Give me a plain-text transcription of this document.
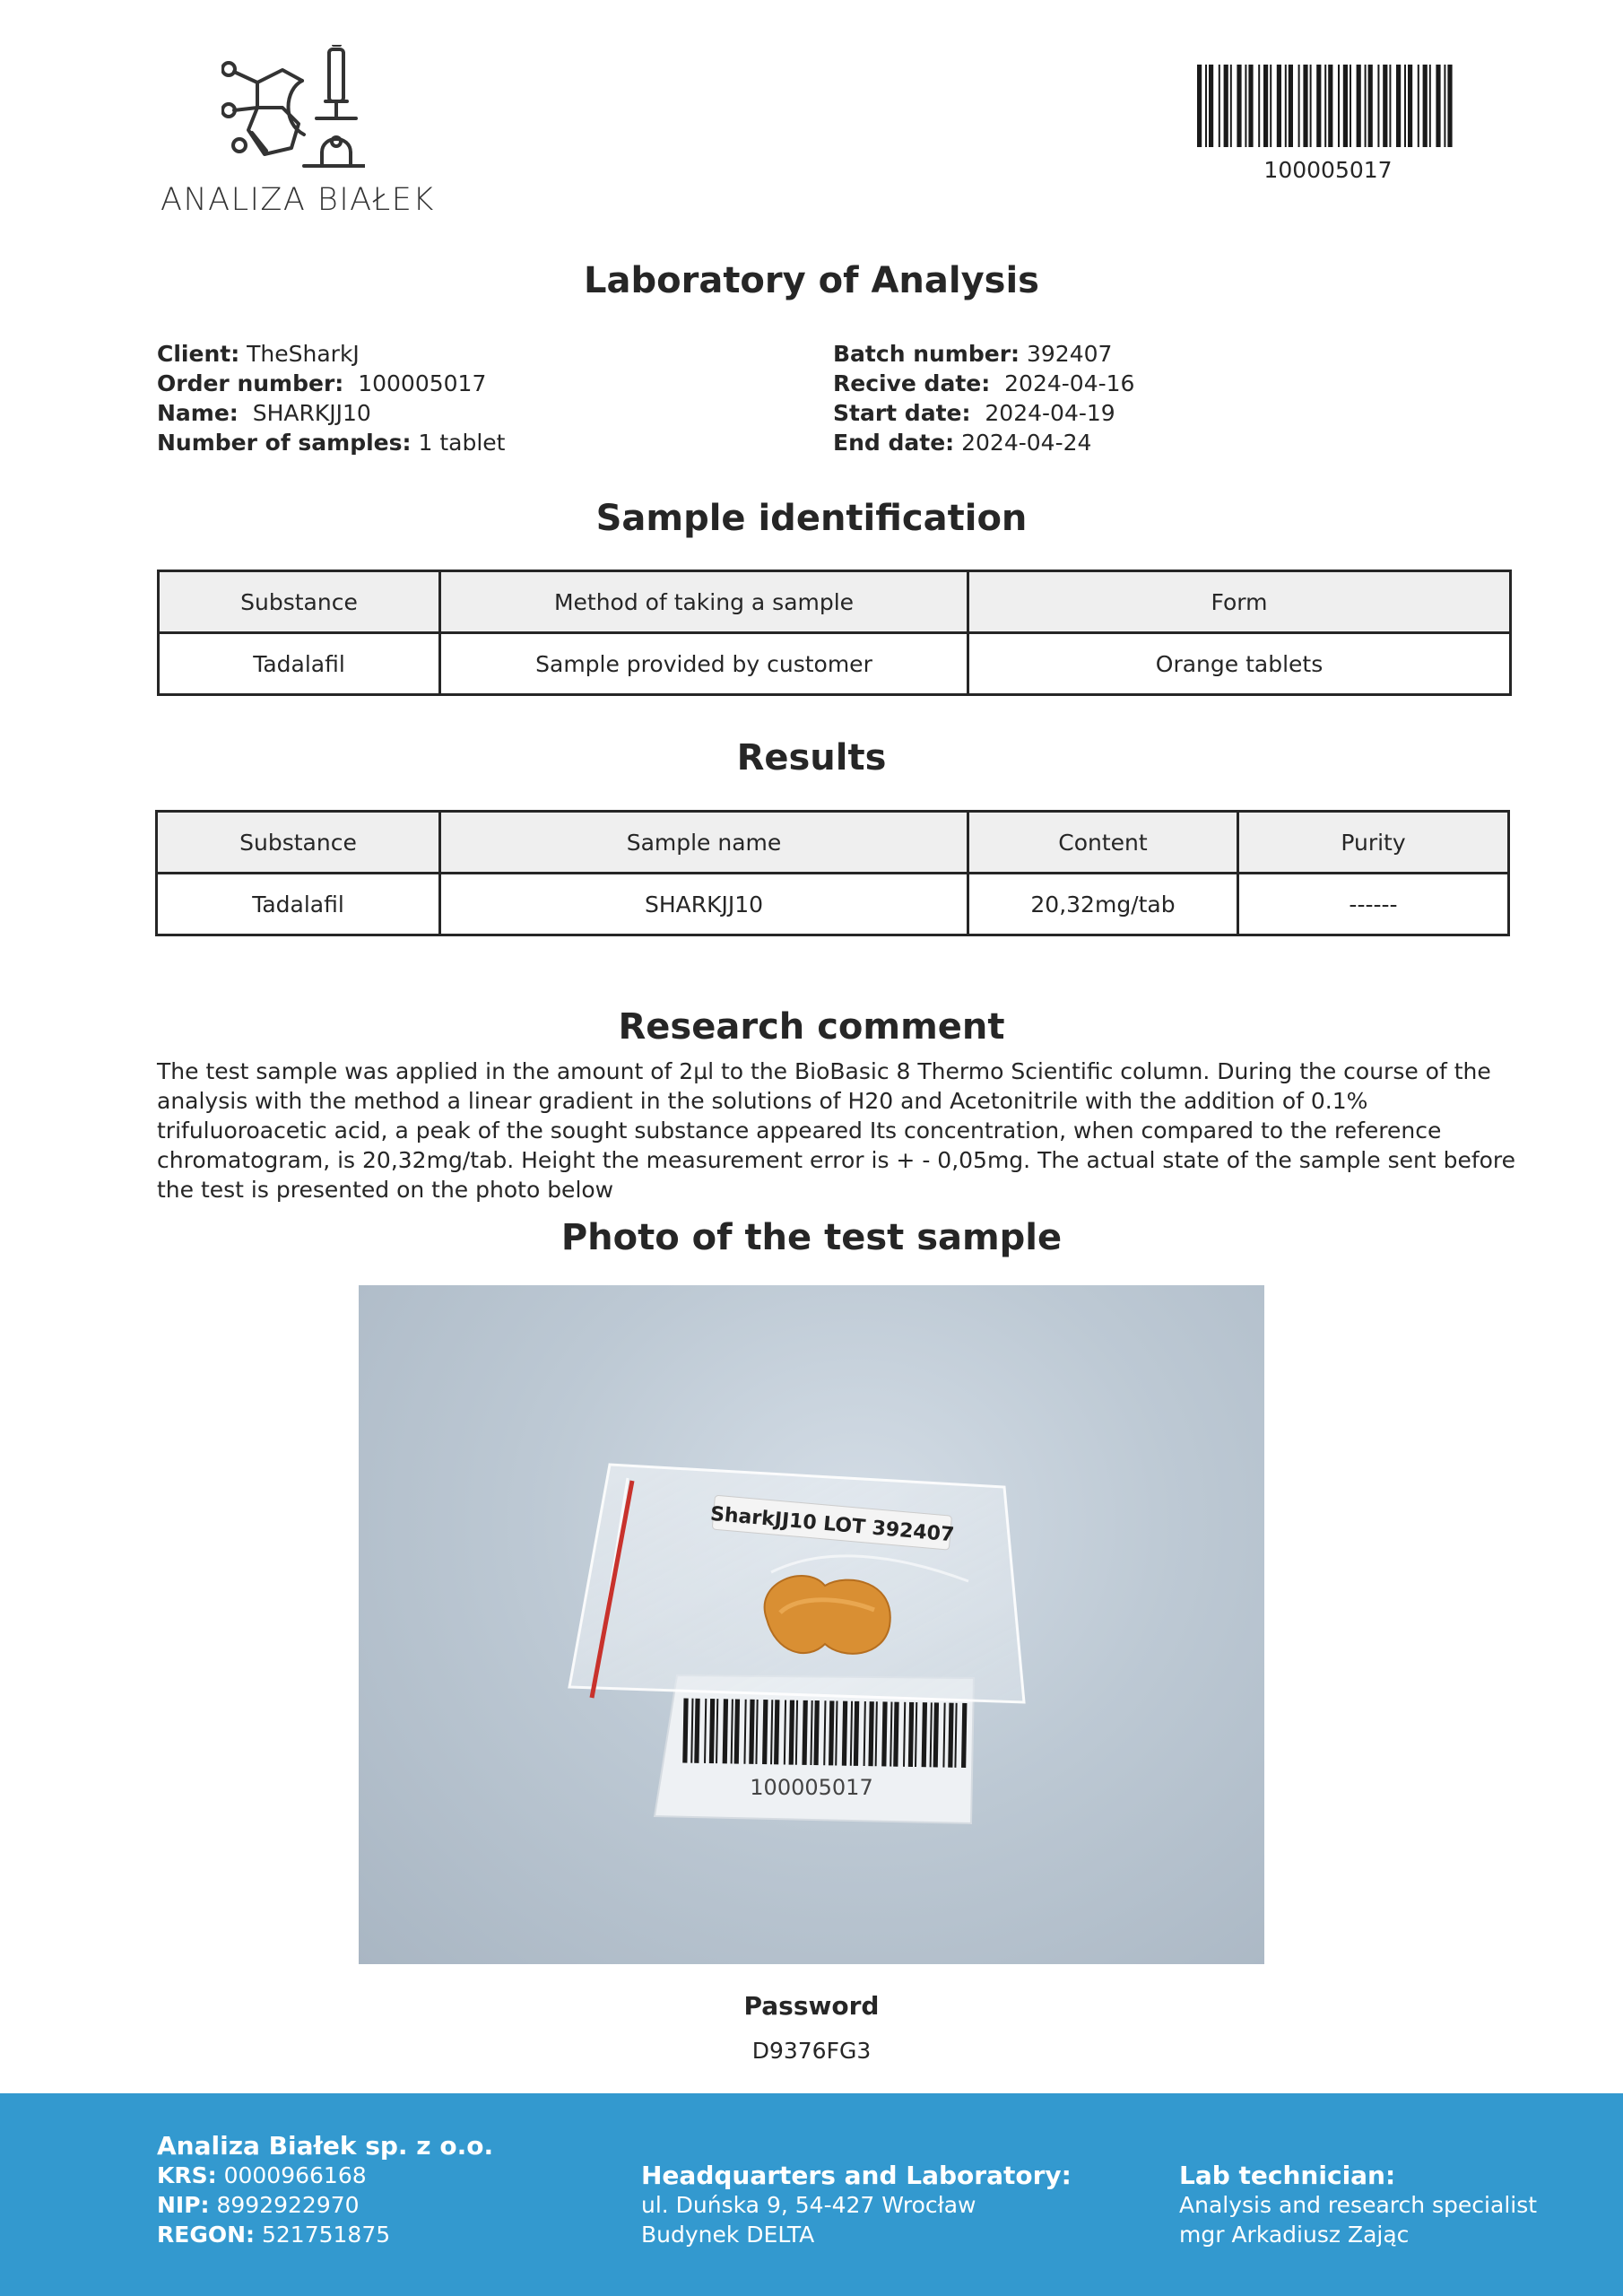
ANALIZA BIAŁEK
100005017
Laboratory of Analysis
Client: TheSharkJ
Order number: 100005017
Name: SHARKJJ10
Number of samples: 1 tablet
Batch number: 392407
Recive date: 2024-04-16
Start date: 2024-04-19
End date: 2024-04-24
Sample identification
Substance	Method of taking a sample	Form
Tadalafil	Sample provided by customer	Orange tablets
Results
Substance	Sample name	Content	Purity
Tadalafil	SHARKJJ10	20,32mg/tab	------
Research comment

The test sample was applied in the amount of 2µl to the BioBasic 8 Thermo Scientific column. During the course of the analysis with the method a linear gradient in the solutions of H20 and Acetonitrile with the addition of 0.1% trifuluoroacetic acid, a peak of the sought substance appeared Its concentration, when compared to the reference chromatogram, is 20,32mg/tab. Height the measurement error is + - 0,05mg. The actual state of the sample sent before the test is presented on the photo below

Photo of the test sample
100005017
SharkJJ10 LOT 392407
Password
D9376FG3
Analiza Białek sp. z o.o.
KRS: 0000966168
NIP: 8992922970
REGON: 521751875
Headquarters and Laboratory:
ul. Duńska 9, 54-427 Wrocław
Budynek DELTA
Lab technician:
Analysis and research specialist
mgr Arkadiusz Zając
